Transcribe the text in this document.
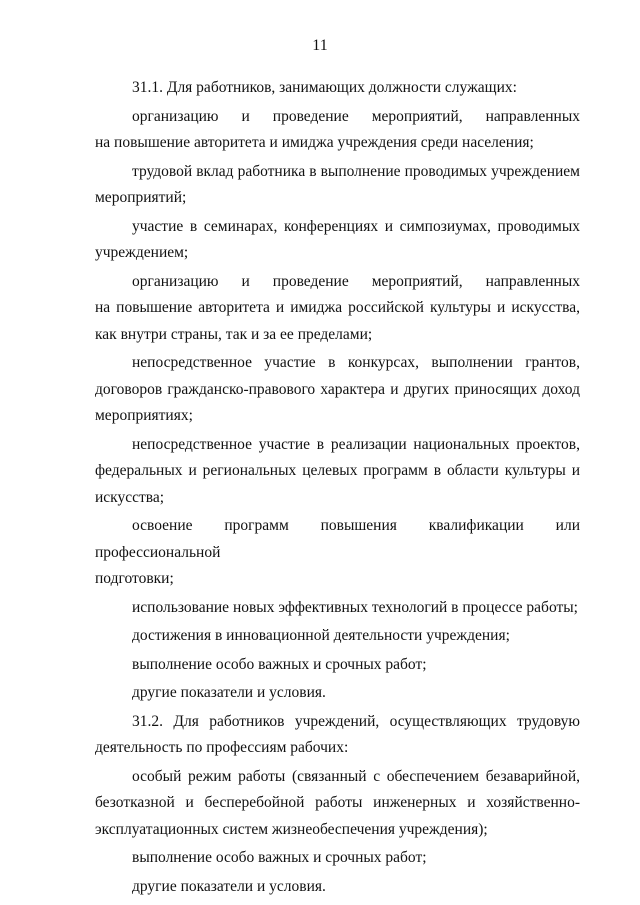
11

31.1. Для работников, занимающих должности служащих:

организацию и проведение мероприятий, направленных
на повышение авторитета и имиджа учреждения среди населения;

трудовой вклад работника в выполнение проводимых учреждением
мероприятий;

участие в семинарах, конференциях и симпозиумах, проводимых
учреждением;

организацию и проведение мероприятий, направленных
на повышение авторитета и имиджа российской культуры и искусства, как внутри страны, так и за ее пределами;

непосредственное участие в конкурсах, выполнении грантов,
договоров гражданско-правового характера и других приносящих доход мероприятиях;

непосредственное участие в реализации национальных проектов,
федеральных и региональных целевых программ в области культуры и искусства;

освоение программ повышения квалификации или профессиональной
подготовки;

использование новых эффективных технологий в процессе работы;

достижения в инновационной деятельности учреждения;

выполнение особо важных и срочных работ;

другие показатели и условия.

31.2. Для работников учреждений, осуществляющих трудовую
деятельность по профессиям рабочих:

особый режим работы (связанный с обеспечением безаварийной,
безотказной и бесперебойной работы инженерных и хозяйственно-эксплуатационных систем жизнеобеспечения учреждения);

выполнение особо важных и срочных работ;

другие показатели и условия.
